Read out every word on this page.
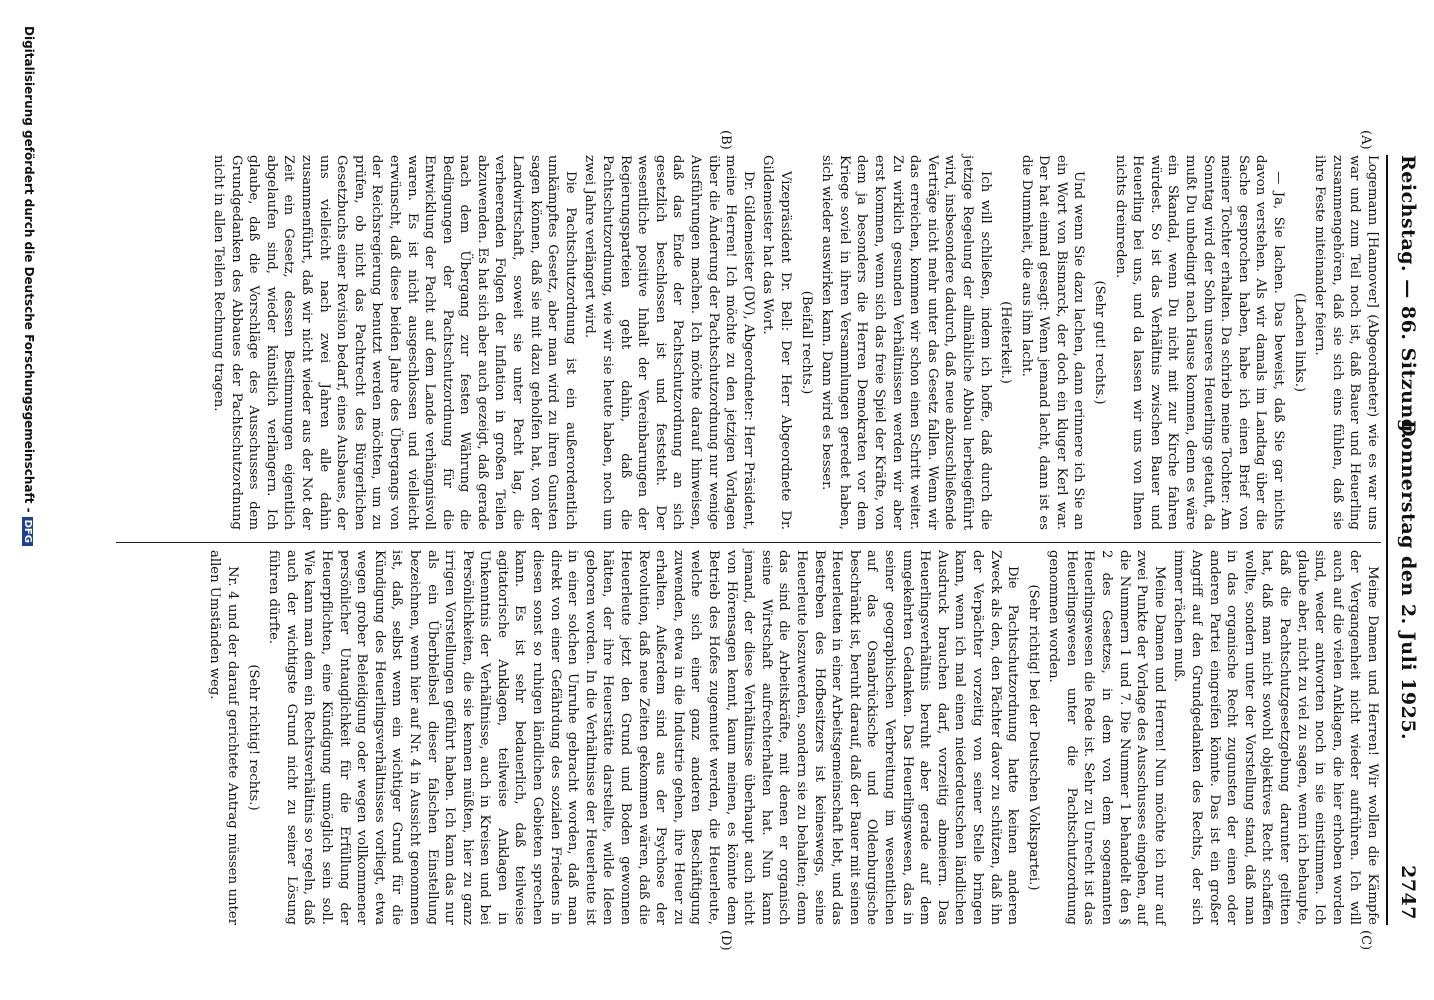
Reichstag. — 86. Sitzung.
Donnerstag den 2. Juli 1925.
2747
(A)
(B)
(C)
(D)

Logemann [Hannover] (Abgeordneter) wie es war uns war und zum Teil noch ist, daß Bauer und Heuerling zusammengehören, daß sie sich eins fühlen, daß sie ihre Feste miteinander feiern.

(Lachen links.)

— Ja, Sie lachen. Das beweist, daß Sie gar nichts davon verstehen. Als wir damals im Landtag über die Sache gesprochen haben, habe ich einen Brief von meiner Tochter erhalten. Da schrieb meine Tochter: Am Sonntag wird der Sohn unseres Heuerlings getauft, da mußt Du unbedingt nach Hause kommen, denn es wäre ein Skandal, wenn Du nicht mit zur Kirche fahren würdest. So ist das Verhältnis zwischen Bauer und Heuerling bei uns, und da lassen wir uns von Ihnen nichts dreinreden.

(Sehr gut! rechts.)

Und wenn Sie dazu lachen, dann erinnere ich Sie an ein Wort von Bismarck, der doch ein kluger Kerl war. Der hat einmal gesagt: Wenn jemand lacht, dann ist es die Dummheit, die aus ihm lacht.

(Heiterkeit.)

Ich will schließen, indem ich hoffe, daß durch die jetzige Regelung der allmähliche Abbau herbeigeführt wird, insbesondere dadurch, daß neue abzuschließende Verträge nicht mehr unter das Gesetz fallen. Wenn wir das erreichen, kommen wir schon einen Schritt weiter. Zu wirklich gesunden Verhältnissen werden wir aber erst kommen, wenn sich das freie Spiel der Kräfte, von dem ja besonders die Herren Demokraten vor dem Kriege soviel in ihren Versammlungen geredet haben, sich wieder auswirken kann. Dann wird es besser.

(Beifall rechts.)

Vizepräsident Dr. Bell: Der Herr Abgeordnete Dr. Gildemeister hat das Wort.

Dr. Gildemeister (DV), Abgeordneter: Herr Präsident, meine Herren! Ich möchte zu den jetzigen Vorlagen über die Änderung der Pachtschutzordnung nur wenige Ausführungen machen. Ich möchte darauf hinweisen, daß das Ende der Pachtschutzordnung an sich gesetzlich beschlossen ist und feststeht. Der wesentliche positive Inhalt der Vereinbarungen der Regierungsparteien geht dahin, daß die Pachtschutzordnung, wie wir sie heute haben, noch um zwei Jahre verlängert wird.

Die Pachtschutzordnung ist ein außerordentlich umkämpftes Gesetz, aber man wird zu ihren Gunsten sagen können, daß sie mit dazu geholfen hat, von der Landwirtschaft, soweit sie unter Pacht lag, die verheerenden Folgen der Inflation in großen Teilen abzuwenden. Es hat sich aber auch gezeigt, daß gerade nach dem Übergang zur festen Währung die Bedingungen der Pachtschutzordnung für die Entwicklung der Pacht auf dem Lande verhängnisvoll waren. Es ist nicht ausgeschlossen und vielleicht erwünscht, daß diese beiden Jahre des Übergangs von der Reichsregierung benutzt werden möchten, um zu prüfen, ob nicht das Pachtrecht des Bürgerlichen Gesetzbuchs einer Revision bedarf, eines Ausbaues, der uns vielleicht nach zwei Jahren alle dahin zusammenführt, daß wir nicht wieder aus der Not der Zeit ein Gesetz, dessen Bestimmungen eigentlich abgelaufen sind, wieder künstlich verlängern. Ich glaube, daß die Vorschläge des Ausschusses dem Grundgedanken des Abbaues der Pachtschutzordnung nicht in allen Teilen Rechnung tragen.

Meine Damen und Herren! Wir wollen die Kämpfe der Vergangenheit nicht wieder aufrühren. Ich will auch auf die vielen Anklagen, die hier erhoben worden sind, weder antworten noch in sie einstimmen. Ich glaube aber, nicht zu viel zu sagen, wenn ich behaupte, daß die Pachtschutzgesetzgebung darunter gelitten hat, daß man nicht sowohl objektives Recht schaffen wollte, sondern unter der Vorstellung stand, daß man in das organische Recht zugunsten der einen oder anderen Partei eingreifen könnte. Das ist ein großer Angriff auf den Grundgedanken des Rechts, der sich immer rächen muß.

Meine Damen und Herren! Nun möchte ich nur auf zwei Punkte der Vorlage des Ausschusses eingehen, auf die Nummern 1 und 7. Die Nummer 1 behandelt den § 2 des Gesetzes, in dem von dem sogenannten Heuerlingswesen die Rede ist. Sehr zu Unrecht ist das Heuerlingswesen unter die Pachtschutzordnung genommen worden.

(Sehr richtig! bei der Deutschen Volkspartei.)

Die Pachtschutzordnung hatte keinen anderen Zweck als den, den Pächter davor zu schützen, daß ihn der Verpächter vorzeitig von seiner Stelle bringen kann, wenn ich mal einen niederdeutschen ländlichen Ausdruck brauchen darf, vorzeitig abmeiern. Das Heuerlingsverhältnis beruht aber gerade auf dem umgekehrten Gedanken. Das Heuerlingswesen, das in seiner geographischen Verbreitung im wesentlichen auf das Osnabrückische und Oldenburgische beschränkt ist, beruht darauf, daß der Bauer mit seinen Heuerleuten in einer Arbeitsgemeinschaft lebt, und das Bestreben des Hofbesitzers ist keineswegs, seine Heuerleute loszuwerden, sondern sie zu behalten; denn das sind die Arbeitskräfte, mit denen er organisch seine Wirtschaft aufrechterhalten hat. Nun kann jemand, der diese Verhältnisse überhaupt auch nicht von Hörensagen kennt, kaum meinen, es könnte dem Betrieb des Hofes zugemutet werden, die Heuerleute, welche sich einer ganz anderen Beschäftigung zuwenden, etwa in die Industrie gehen, ihre Heuer zu erhalten. Außerdem sind aus der Psychose der Revolution, daß neue Zeiten gekommen wären, daß die Heuerleute jetzt den Grund und Boden gewonnen hätten, der ihre Heuerstätte darstellte, wilde Ideen geboren worden. In die Verhältnisse der Heuerleute ist in einer solchen Unruhe gebracht worden, daß man direkt von einer Gefährdung des sozialen Friedens in diesen sonst so ruhigen ländlichen Gebieten sprechen kann. Es ist sehr bedauerlich, daß teilweise agitatorische Anklagen, teilweise Anklagen in Unkenntnis der Verhältnisse, auch in Kreisen und bei Persönlichkeiten, die sie kennen müßten, hier zu ganz irrigen Vorstellungen geführt haben. Ich kann das nur als ein Überbleibsel dieser falschen Einstellung bezeichnen, wenn hier auf Nr. 4 in Aussicht genommen ist, daß, selbst wenn ein wichtiger Grund für die Kündigung des Heuerlingsverhältnisses vorliegt, etwa wegen grober Beleidigung oder wegen vollkommener persönlicher Untauglichkeit für die Erfüllung der Heuerpflichten, eine Kündigung unmöglich sein soll. Wie kann man dem ein Rechtsverhältnis so regeln, daß auch der wichtigste Grund nicht zu seiner Lösung führen dürfte.

(Sehr richtig! rechts.)

Nr. 4 und der darauf gerichtete Antrag müssen unter allen Umständen weg.

Digitalisierung gefördert durch die Deutsche Forschungsgemeinschaft -DFG
